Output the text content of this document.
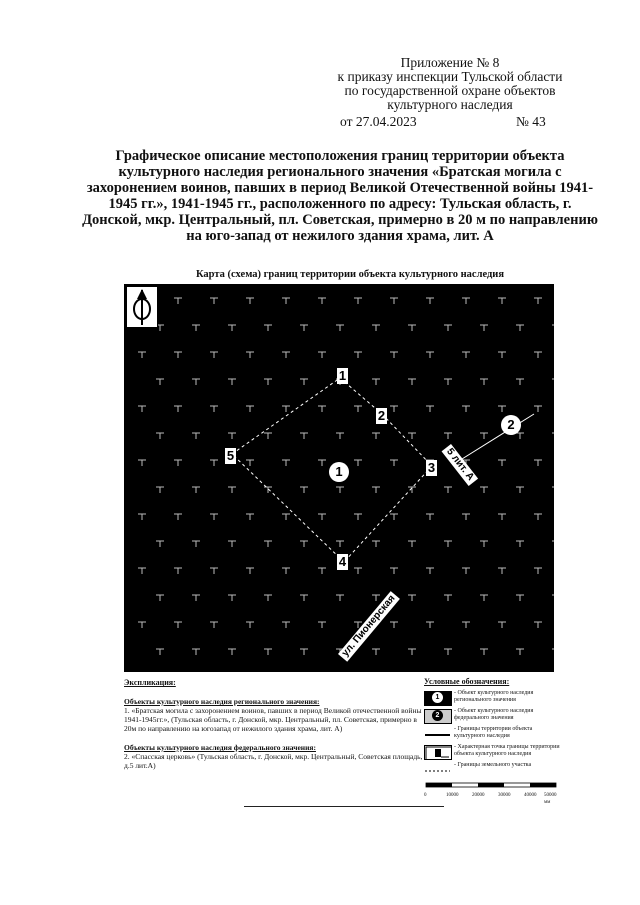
Приложение № 8
к приказу инспекции Тульской области
по государственной охране объектов
культурного наследия
от 27.04.2023	№ 43
Графическое описание местоположения границ территории объекта культурного наследия регионального значения «Братская могила с захоронением воинов, павших в период Великой Отечественной войны 1941-1945 гг.», 1941-1945 гг., расположенного по адресу: Тульская область, г. Донской, мкр. Центральный, пл. Советская, примерно в 20 м по направлению на юго-запад от нежилого здания храма, лит. А
Карта (схема) границ территории объекта культурного наследия
1
2
3
4
5
1
2
5 лит. А
ул. Пионерская

Экспликация:

Объекты культурного наследия регионального значения:

1. «Братская могила с захоронением воинов, павших в период Великой отечественной войны 1941-1945гг.», (Тульская область, г. Донской, мкр. Центральный, пл. Советская, примерно в 20м по направлению на югозапад от нежилого здания храма, лит. А)

Объекты культурного наследия федерального значения:

2. «Спасская церковь» (Тульская область, г. Донской, мкр. Центральный, Советская площадь, д.5 лит.А)

Условные обозначения:
1
- Объект культурного наследия регионального значения
2
- Объект культурного наследия федерального значения
- Границы территории объекта культурного наследия
- Характерная точка границы территории объекта культурного наследия
- Границы земельного участка
0	10000	20000	30000	40000 50000 мм
